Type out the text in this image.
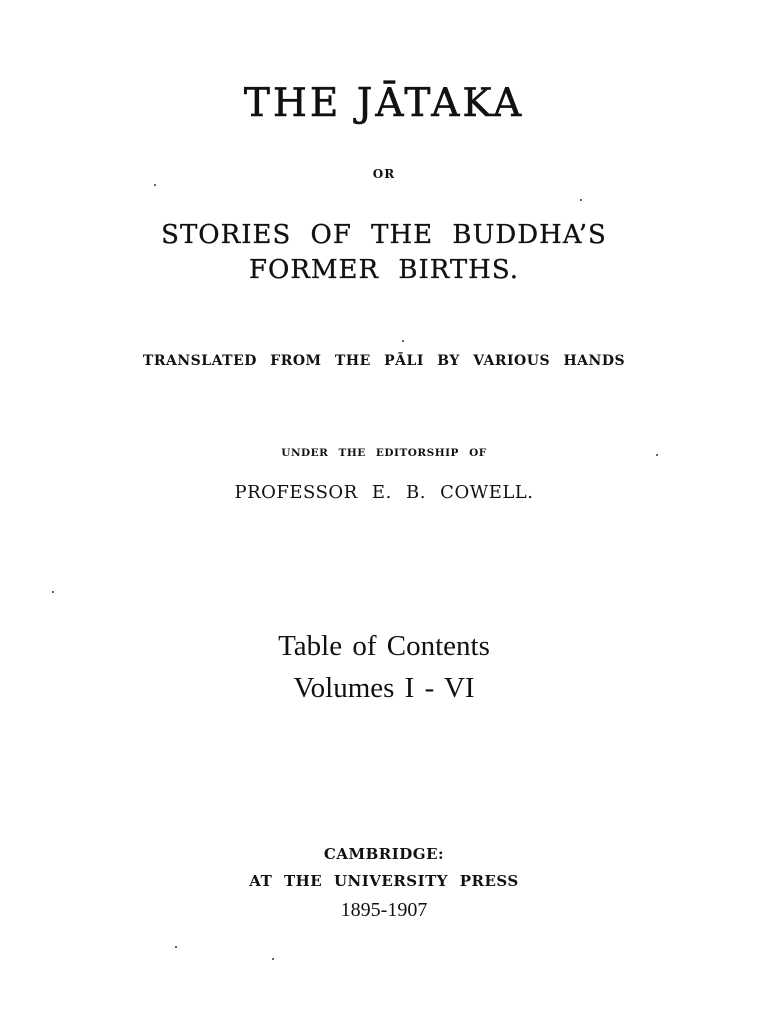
THE JĀTAKA
OR
STORIES OF THE BUDDHA’S
FORMER BIRTHS.
TRANSLATED FROM THE PĀLI BY VARIOUS HANDS
UNDER THE EDITORSHIP OF
PROFESSOR E. B. COWELL.
Table of Contents
Volumes I - VI
CAMBRIDGE:
AT THE UNIVERSITY PRESS
1895-1907
